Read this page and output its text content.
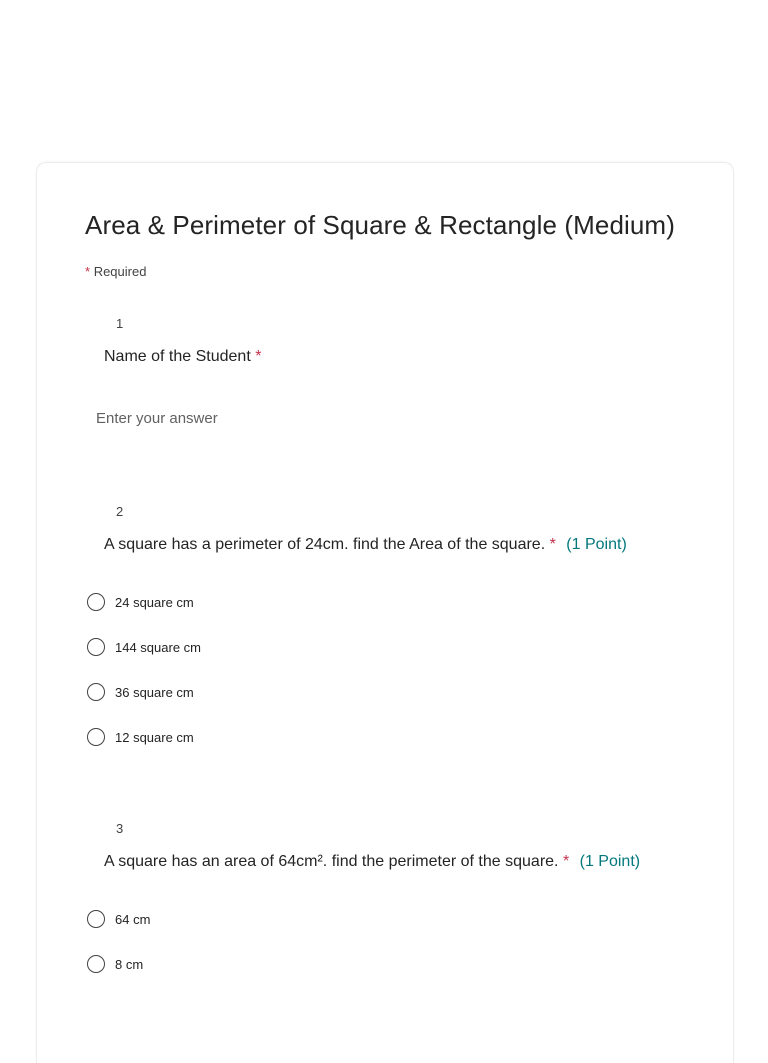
Area & Perimeter of Square & Rectangle (Medium)
* Required
1
Name of the Student *
Enter your answer
2
A square has a perimeter of 24cm. find the Area of the square. * (1 Point)
24 square cm
144 square cm
36 square cm
12 square cm
3
A square has an area of 64cm². find the perimeter of the square. * (1 Point)
64 cm
8 cm
